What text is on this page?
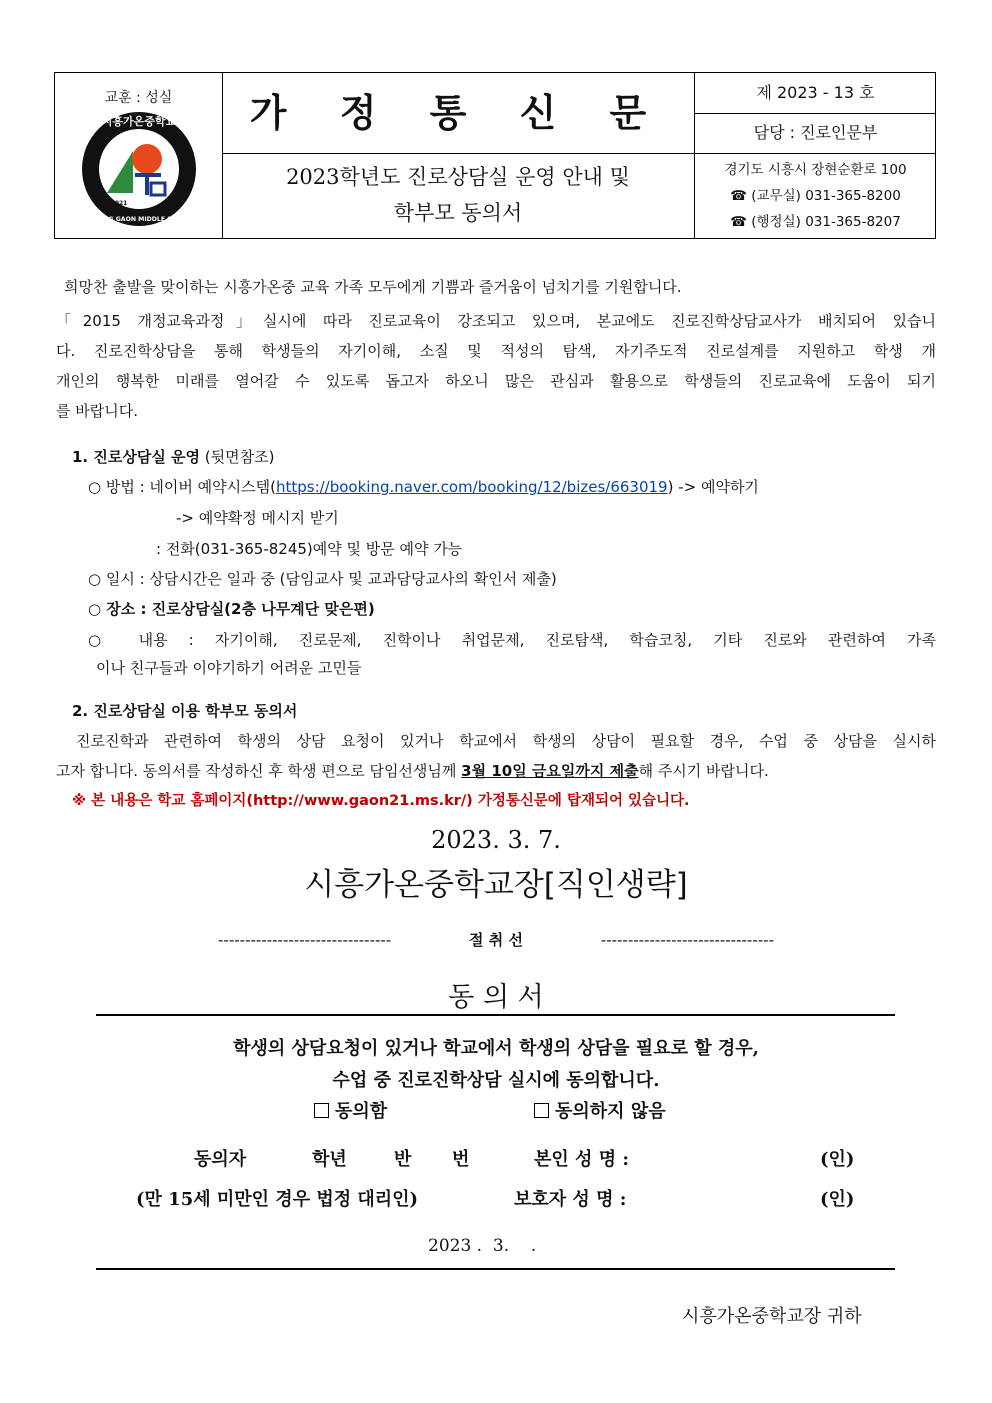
교훈 : 성실
시흥가온중학교
SIHEUNG GAON MIDDLE SCHOOL
2021
가 정 통 신 문
2023학년도 진로상담실 운영 안내 및
학부모 동의서
제 2023 - 13 호
담당 : 진로인문부
경기도 시흥시 장현순환로 100
☎ (교무실) 031-365-8200
☎ (행정실) 031-365-8207
희망찬 출발을 맞이하는 시흥가온중 교육 가족 모두에게 기쁨과 즐거움이 넘치기를 기원합니다.
「2015 개정교육과정」실시에 따라 진로교육이 강조되고 있으며, 본교에도 진로진학상담교사가 배치되어 있습니
다. 진로진학상담을 통해 학생들의 자기이해, 소질 및 적성의 탐색, 자기주도적 진로설계를 지원하고 학생 개
개인의 행복한 미래를 열어갈 수 있도록 돕고자 하오니 많은 관심과 활용으로 학생들의 진로교육에 도움이 되기
를 바랍니다.
1. 진로상담실 운영 (뒷면참조)
○ 방법 : 네이버 예약시스템(https://booking.naver.com/booking/12/bizes/663019) -> 예약하기
-> 예약확정 메시지 받기
: 전화(031-365-8245)예약 및 방문 예약 가능
○ 일시 : 상담시간은 일과 중 (담임교사 및 교과담당교사의 확인서 제출)
○ 장소 : 진로상담실(2층 나무계단 맞은편)
○ 내용 : 자기이해, 진로문제, 진학이나 취업문제, 진로탐색, 학습코칭, 기타 진로와 관련하여 가족
이나 친구들과 이야기하기 어려운 고민들
2. 진로상담실 이용 학부모 동의서
진로진학과 관련하여 학생의 상담 요청이 있거나 학교에서 학생의 상담이 필요할 경우, 수업 중 상담을 실시하
고자 합니다. 동의서를 작성하신 후 학생 편으로 담임선생님께 3월 10일 금요일까지 제출해 주시기 바랍니다.
※ 본 내용은 학교 홈페이지(http://www.gaon21.ms.kr/) 가정통신문에 탑재되어 있습니다.
2023. 3. 7.
시흥가온중학교장[직인생략]
--------------------------------	절 취 선	--------------------------------
동 의 서
학생의 상담요청이 있거나 학교에서 학생의 상담을 필요로 할 경우,
수업 중 진로진학상담 실시에 동의합니다.
동의함	동의하지 않음
동의자	학년	반 번	본인 성 명 :	(인)
(만 15세 미만인 경우 법정 대리인)	보호자 성 명 :	(인)
2023 .  3.    .
시흥가온중학교장 귀하
